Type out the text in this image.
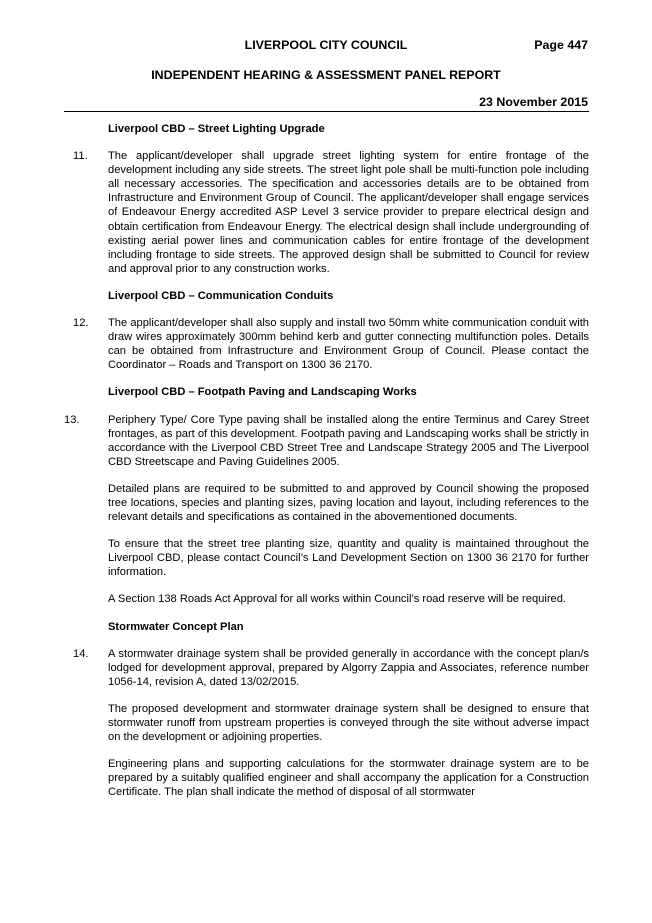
LIVERPOOL CITY COUNCIL	Page 447
INDEPENDENT HEARING & ASSESSMENT PANEL REPORT
23 November 2015
Liverpool CBD – Street Lighting Upgrade
11. The applicant/developer shall upgrade street lighting system for entire frontage of the development including any side streets. The street light pole shall be multi-function pole including all necessary accessories. The specification and accessories details are to be obtained from Infrastructure and Environment Group of Council. The applicant/developer shall engage services of Endeavour Energy accredited ASP Level 3 service provider to prepare electrical design and obtain certification from Endeavour Energy. The electrical design shall include undergrounding of existing aerial power lines and communication cables for entire frontage of the development including frontage to side streets. The approved design shall be submitted to Council for review and approval prior to any construction works.
Liverpool CBD – Communication Conduits
12. The applicant/developer shall also supply and install two 50mm white communication conduit with draw wires approximately 300mm behind kerb and gutter connecting multifunction poles. Details can be obtained from Infrastructure and Environment Group of Council. Please contact the Coordinator – Roads and Transport on 1300 36 2170.
Liverpool CBD – Footpath Paving and Landscaping Works
13.	Periphery Type/ Core Type paving shall be installed along the entire Terminus and Carey Street frontages, as part of this development. Footpath paving and Landscaping works shall be strictly in accordance with the Liverpool CBD Street Tree and Landscape Strategy 2005 and The Liverpool CBD Streetscape and Paving Guidelines 2005.
Detailed plans are required to be submitted to and approved by Council showing the proposed tree locations, species and planting sizes, paving location and layout, including references to the relevant details and specifications as contained in the abovementioned documents.
To ensure that the street tree planting size, quantity and quality is maintained throughout the Liverpool CBD, please contact Council’s Land Development Section on 1300 36 2170 for further information.
A Section 138 Roads Act Approval for all works within Council’s road reserve will be required.
Stormwater Concept Plan
14. A stormwater drainage system shall be provided generally in accordance with the concept plan/s lodged for development approval, prepared by Algorry Zappia and Associates, reference number 1056-14, revision A, dated 13/02/2015.
The proposed development and stormwater drainage system shall be designed to ensure that stormwater runoff from upstream properties is conveyed through the site without adverse impact on the development or adjoining properties.
Engineering plans and supporting calculations for the stormwater drainage system are to be prepared by a suitably qualified engineer and shall accompany the application for a Construction Certificate. The plan shall indicate the method of disposal of all stormwater
